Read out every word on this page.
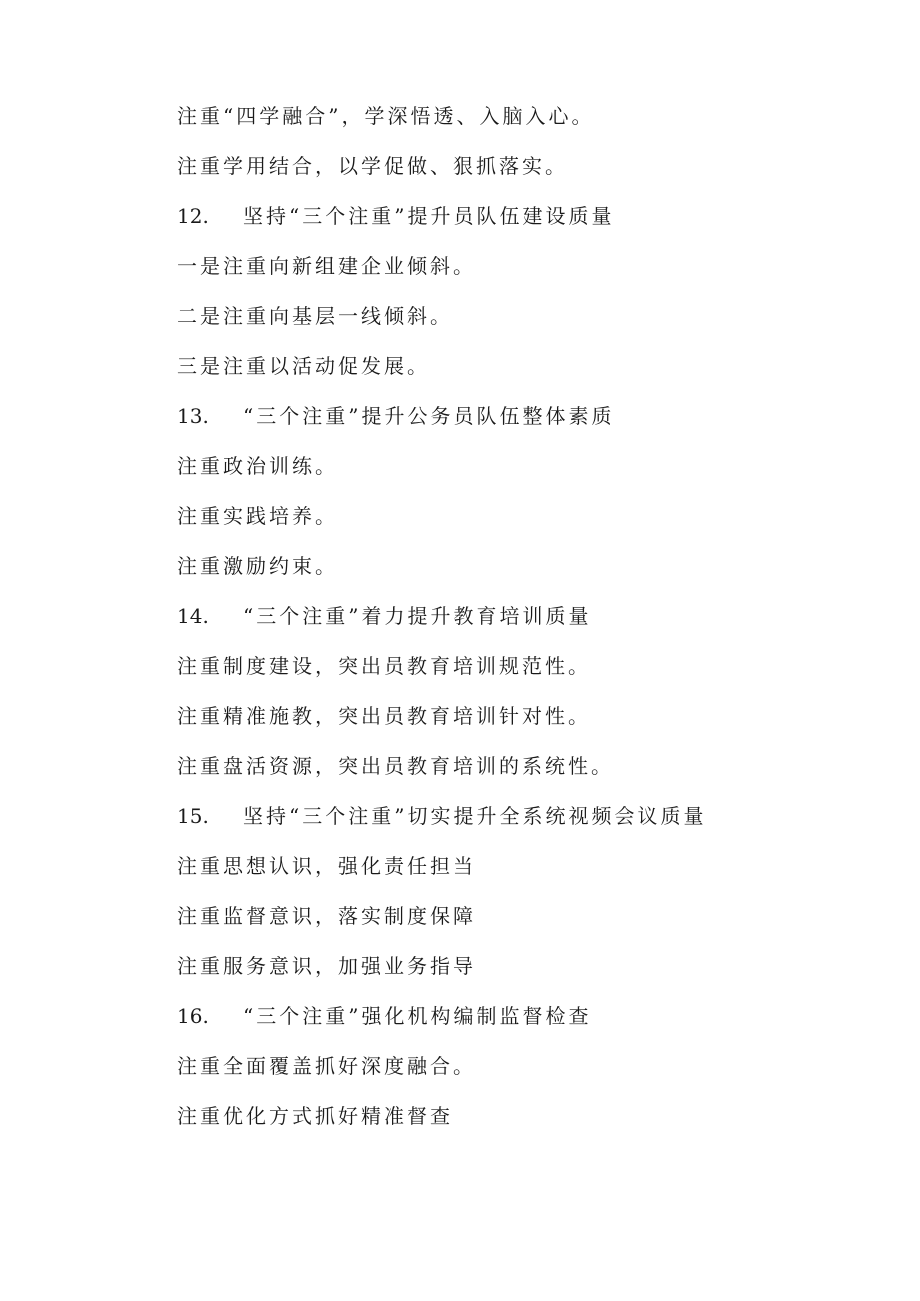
注重“四学融合”，学深悟透、入脑入心。
注重学用结合，以学促做、狠抓落实。
12. 坚持“三个注重”提升员队伍建设质量
一是注重向新组建企业倾斜。
二是注重向基层一线倾斜。
三是注重以活动促发展。
13. “三个注重”提升公务员队伍整体素质
注重政治训练。
注重实践培养。
注重激励约束。
14. “三个注重”着力提升教育培训质量
注重制度建设，突出员教育培训规范性。
注重精准施教，突出员教育培训针对性。
注重盘活资源，突出员教育培训的系统性。
15. 坚持“三个注重”切实提升全系统视频会议质量
注重思想认识，强化责任担当
注重监督意识，落实制度保障
注重服务意识，加强业务指导
16. “三个注重”强化机构编制监督检查
注重全面覆盖抓好深度融合。
注重优化方式抓好精准督查
